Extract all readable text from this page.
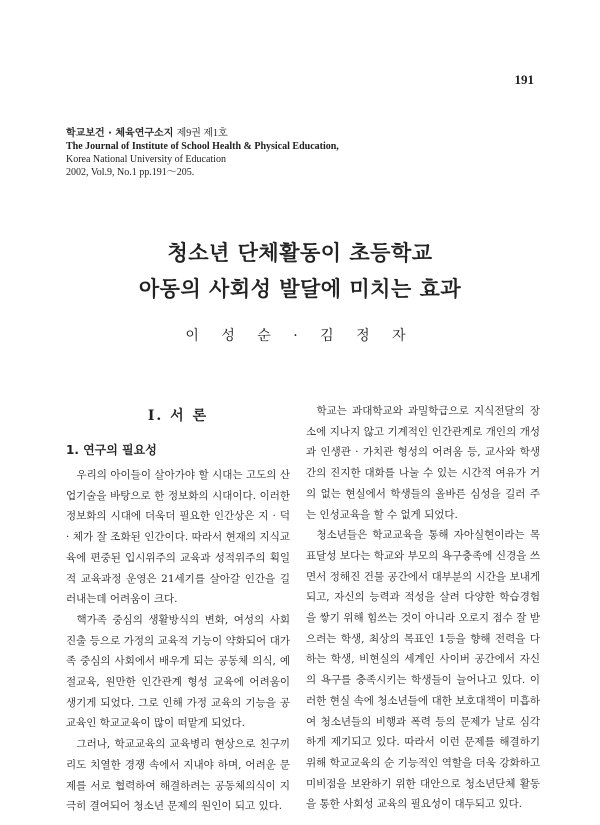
191
학교보건 · 체육연구소지 제9권 제1호
The Journal of Institute of School Health & Physical Education,
Korea National University of Education
2002, Vol.9, No.1 pp.191～205.
청소년 단체활동이 초등학교
아동의 사회성 발달에 미치는 효과
이 성 순 · 김 정 자
Ⅰ. 서 론
1. 연구의 필요성

우리의 아이들이 살아가야 할 시대는 고도의 산업기술을 바탕으로 한 정보화의 시대이다. 이러한 정보화의 시대에 더욱더 필요한 인간상은 지 · 덕 · 체가 잘 조화된 인간이다. 따라서 현재의 지식교육에 편중된 입시위주의 교육과 성적위주의 획일적 교육과정 운영은 21세기를 살아갈 인간을 길러내는데 어려움이 크다.

핵가족 중심의 생활방식의 변화, 여성의 사회 진출 등으로 가정의 교육적 기능이 약화되어 대가족 중심의 사회에서 배우게 되는 공동체 의식, 예절교육, 원만한 인간관계 형성 교육에 어려움이 생기게 되었다. 그로 인해 가정 교육의 기능을 공교육인 학교교육이 많이 떠맡게 되었다.

그러나, 학교교육의 교육병리 현상으로 친구끼리도 치열한 경쟁 속에서 지내야 하며, 어려운 문제를 서로 협력하여 해결하려는 공동체의식이 지극히 결여되어 청소년 문제의 원인이 되고 있다.

학교는 과대학교와 과밀학급으로 지식전달의 장소에 지나지 않고 기계적인 인간관계로 개인의 개성과 인생관 · 가치관 형성의 어려움 등, 교사와 학생간의 진지한 대화를 나눌 수 있는 시간적 여유가 거의 없는 현실에서 학생들의 올바른 심성을 길러 주는 인성교육을 할 수 없게 되었다.

청소년들은 학교교육을 통해 자아실현이라는 목표달성 보다는 학교와 부모의 욕구충족에 신경을 쓰면서 정해진 건물 공간에서 대부분의 시간을 보내게 되고, 자신의 능력과 적성을 살려 다양한 학습경험을 쌓기 위해 힘쓰는 것이 아니라 오로지 점수 잘 받으려는 학생, 최상의 목표인 1등을 향해 전력을 다하는 학생, 비현실의 세계인 사이버 공간에서 자신의 욕구를 충족시키는 학생들이 늘어나고 있다. 이러한 현실 속에 청소년들에 대한 보호대책이 미흡하여 청소년들의 비행과 폭력 등의 문제가 날로 심각하게 제기되고 있다. 따라서 이런 문제를 해결하기 위해 학교교육의 순 기능적인 역할을 더욱 강화하고 미비점을 보완하기 위한 대안으로 청소년단체 활동을 통한 사회성 교육의 필요성이 대두되고 있다.
